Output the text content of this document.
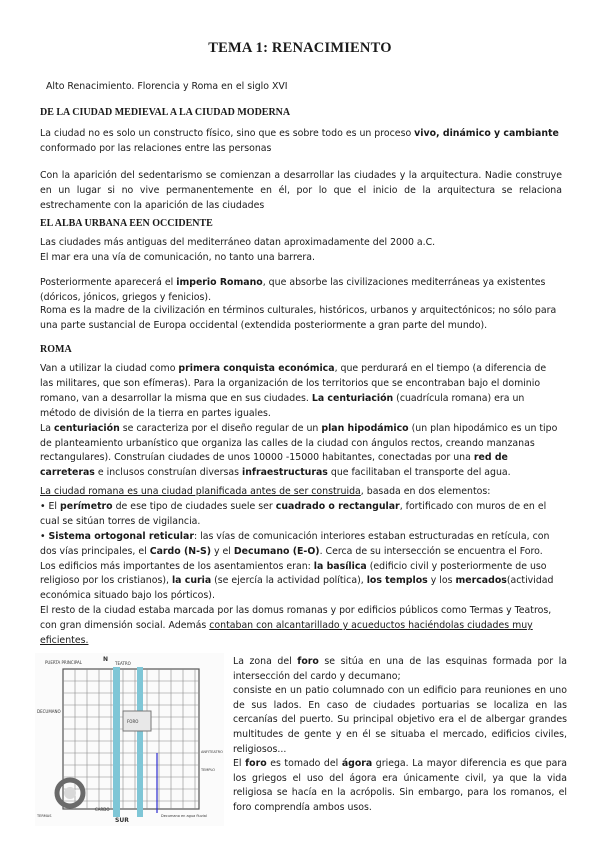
TEMA 1: RENACIMIENTO
Alto Renacimiento. Florencia y Roma en el siglo XVI
DE LA CIUDAD MEDIEVAL A LA CIUDAD MODERNA
La ciudad no es solo un constructo físico, sino que es sobre todo es un proceso vivo, dinámico y cambiante conformado por las relaciones entre las personas
Con la aparición del sedentarismo se comienzan a desarrollar las ciudades y la arquitectura. Nadie construye en un lugar si no vive permanentemente en él, por lo que el inicio de la arquitectura se relaciona estrechamente con la aparición de las ciudades
EL ALBA URBANA EEN OCCIDENTE
Las ciudades más antiguas del mediterráneo datan aproximadamente del 2000 a.C.
El mar era una vía de comunicación, no tanto una barrera.
Posteriormente aparecerá el imperio Romano, que absorbe las civilizaciones mediterráneas ya existentes (dóricos, jónicos, griegos y fenicios).
Roma es la madre de la civilización en términos culturales, históricos, urbanos y arquitectónicos; no sólo para una parte sustancial de Europa occidental (extendida posteriormente a gran parte del mundo).
ROMA
Van a utilizar la ciudad como primera conquista económica, que perdurará en el tiempo (a diferencia de las militares, que son efímeras). Para la organización de los territorios que se encontraban bajo el dominio romano, van a desarrollar la misma que en sus ciudades. La centuriación (cuadrícula romana) era un método de división de la tierra en partes iguales.
La centuriación se caracteriza por el diseño regular de un plan hipodámico (un plan hipodámico es un tipo de planteamiento urbanístico que organiza las calles de la ciudad con ángulos rectos, creando manzanas rectangulares). Construían ciudades de unos 10000 -15000 habitantes, conectadas por una red de carreteras e inclusos construían diversas infraestructuras que facilitaban el transporte del agua.
La ciudad romana es una ciudad planificada antes de ser construida, basada en dos elementos:
• El perímetro de ese tipo de ciudades suele ser cuadrado o rectangular, fortificado con muros de en el cual se sitúan torres de vigilancia.
• Sistema ortogonal reticular: las vías de comunicación interiores estaban estructuradas en retícula, con dos vías principales, el Cardo (N-S) y el Decumano (E-O). Cerca de su intersección se encuentra el Foro.
Los edificios más importantes de los asentamientos eran: la basílica (edificio civil y posteriormente de uso religioso por los cristianos), la curia (se ejercía la actividad política), los templos y los mercados(actividad económica situado bajo los pórticos).
El resto de la ciudad estaba marcada por las domus romanas y por edificios públicos como Termas y Teatros, con gran dimensión social. Además contaban con alcantarillado y acueductos haciéndolas ciudades muy eficientes.
La zona del foro se sitúa en una de las esquinas formada por la intersección del cardo y decumano;
consiste en un patio columnado con un edificio para reuniones en uno de sus lados. En caso de ciudades portuarias se localiza en las cercanías del puerto. Su principal objetivo era el de albergar grandes multitudes de gente y en él se situaba el mercado, edificios civiles, religiosos...
El foro es tomado del ágora griega. La mayor diferencia es que para los griegos el uso del ágora era únicamente civil, ya que la vida religiosa se hacía en la acrópolis. Sin embargo, para los romanos, el foro comprendía ambos usos.
PUERTA PRINCIPAL	N
TEATRO
DECUMANO
FORO
ANFITEATRO
TEMPLO
CARDO
SUR
TERMAS	Decumano en agua fluvial
